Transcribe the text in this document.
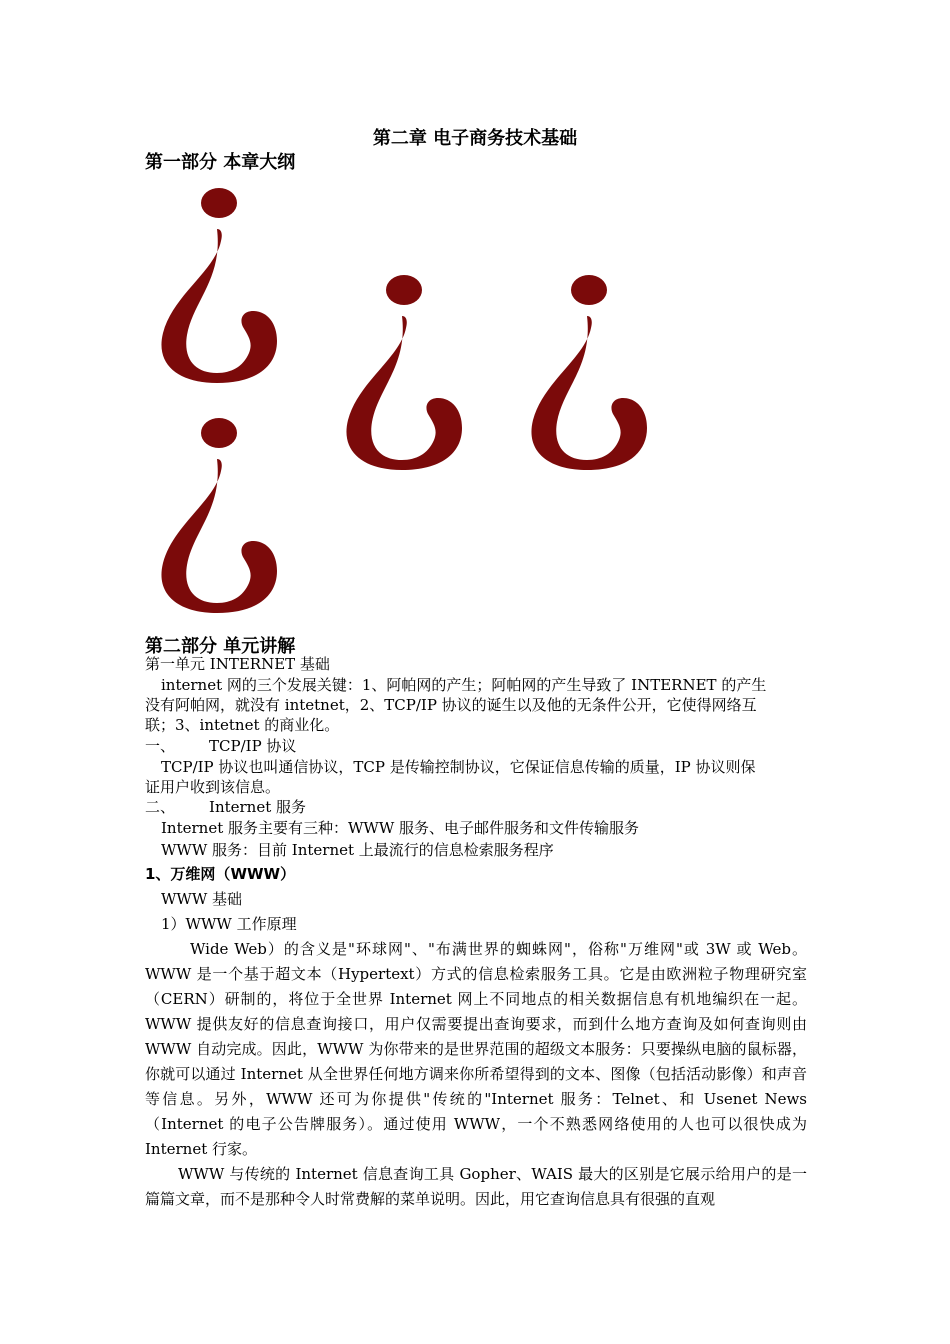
第二章 电子商务技术基础
第一部分 本章大纲
第二部分 单元讲解
第一单元 INTERNET 基础
internet 网的三个发展关键：1、阿帕网的产生；阿帕网的产生导致了 INTERNET 的产生
没有阿帕网，就没有 intetnet，2、TCP/IP 协议的诞生以及他的无条件公开，它使得网络互
联；3、intetnet 的商业化。
一、 TCP/IP 协议
TCP/IP 协议也叫通信协议，TCP 是传输控制协议，它保证信息传输的质量，IP 协议则保
证用户收到该信息。
二、 Internet 服务
Internet 服务主要有三种：WWW 服务、电子邮件服务和文件传输服务
WWW 服务：目前 Internet 上最流行的信息检索服务程序
1、万维网（WWW）
WWW 基础
1）WWW 工作原理
Wide Web）的含义是"环球网"、"布满世界的蜘蛛网"，俗称"万维网"或 3W 或 Web。WWW 是一个基于超文本（Hypertext）方式的信息检索服务工具。它是由欧洲粒子物理研究室（CERN）研制的，将位于全世界 Internet 网上不同地点的相关数据信息有机地编织在一起。WWW 提供友好的信息查询接口，用户仅需要提出查询要求，而到什么地方查询及如何查询则由 WWW 自动完成。因此，WWW 为你带来的是世界范围的超级文本服务：只要操纵电脑的鼠标器，你就可以通过 Internet 从全世界任何地方调来你所希望得到的文本、图像（包括活动影像）和声音等信息。另外，WWW 还可为你提供"传统的"Internet 服务：Telnet、和 Usenet News（Internet 的电子公告牌服务）。通过使用 WWW，一个不熟悉网络使用的人也可以很快成为 Internet 行家。
WWW 与传统的 Internet 信息查询工具 Gopher、WAIS 最大的区别是它展示给用户的是一篇篇文章，而不是那种令人时常费解的菜单说明。因此，用它查询信息具有很强的直观
